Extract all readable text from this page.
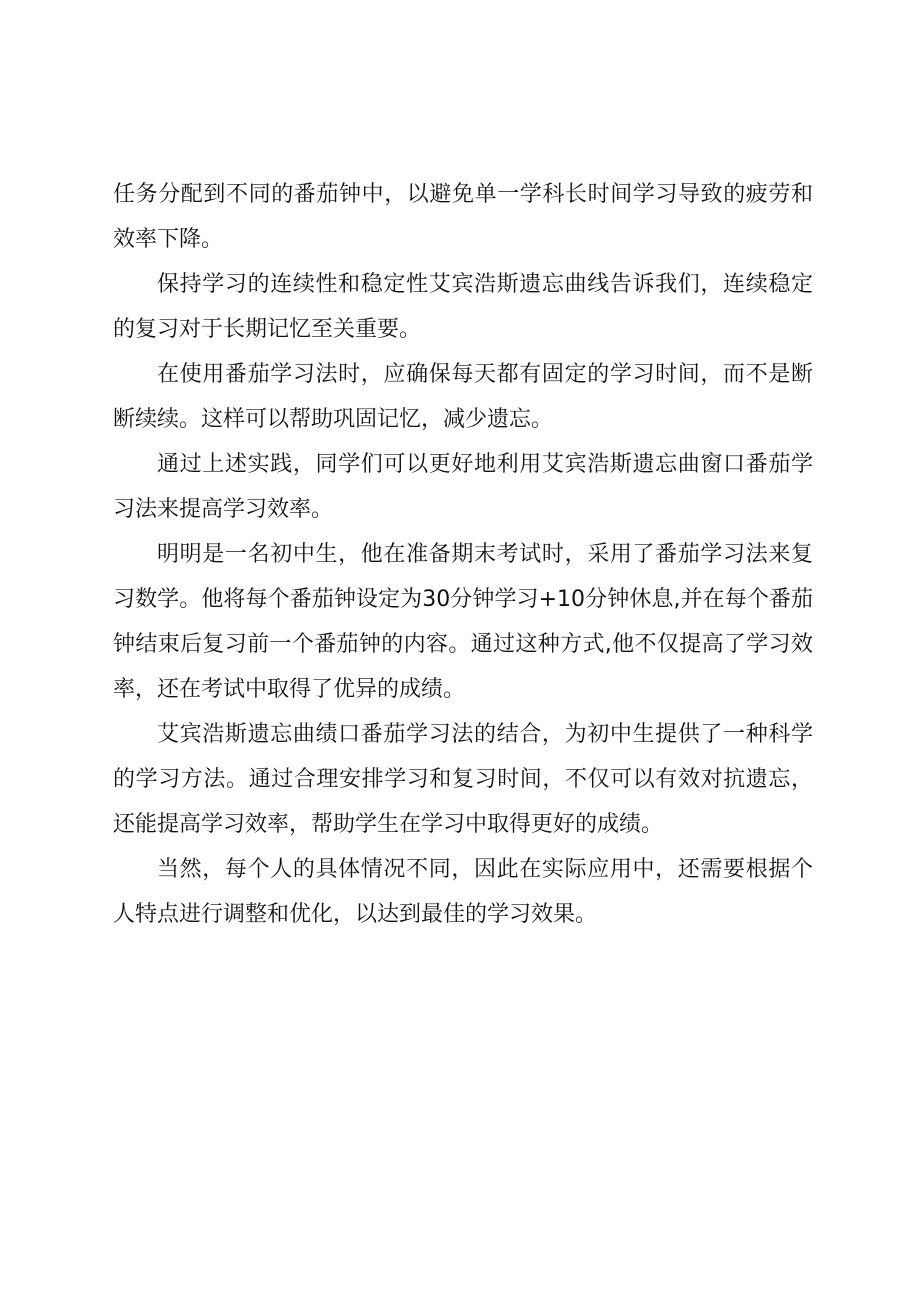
任务分配到不同的番茄钟中，以避免单一学科长时间学习导致的疲劳和效率下降。

保持学习的连续性和稳定性艾宾浩斯遗忘曲线告诉我们，连续稳定的复习对于长期记忆至关重要。

在使用番茄学习法时，应确保每天都有固定的学习时间，而不是断断续续。这样可以帮助巩固记忆，减少遗忘。

通过上述实践，同学们可以更好地利用艾宾浩斯遗忘曲窗口番茄学习法来提高学习效率。

明明是一名初中生，他在准备期末考试时，采用了番茄学习法来复习数学。他将每个番茄钟设定为30分钟学习+10分钟休息,并在每个番茄钟结束后复习前一个番茄钟的内容。通过这种方式,他不仅提高了学习效率，还在考试中取得了优异的成绩。

艾宾浩斯遗忘曲绩口番茄学习法的结合，为初中生提供了一种科学的学习方法。通过合理安排学习和复习时间，不仅可以有效对抗遗忘，还能提高学习效率，帮助学生在学习中取得更好的成绩。

当然，每个人的具体情况不同，因此在实际应用中，还需要根据个人特点进行调整和优化，以达到最佳的学习效果。
